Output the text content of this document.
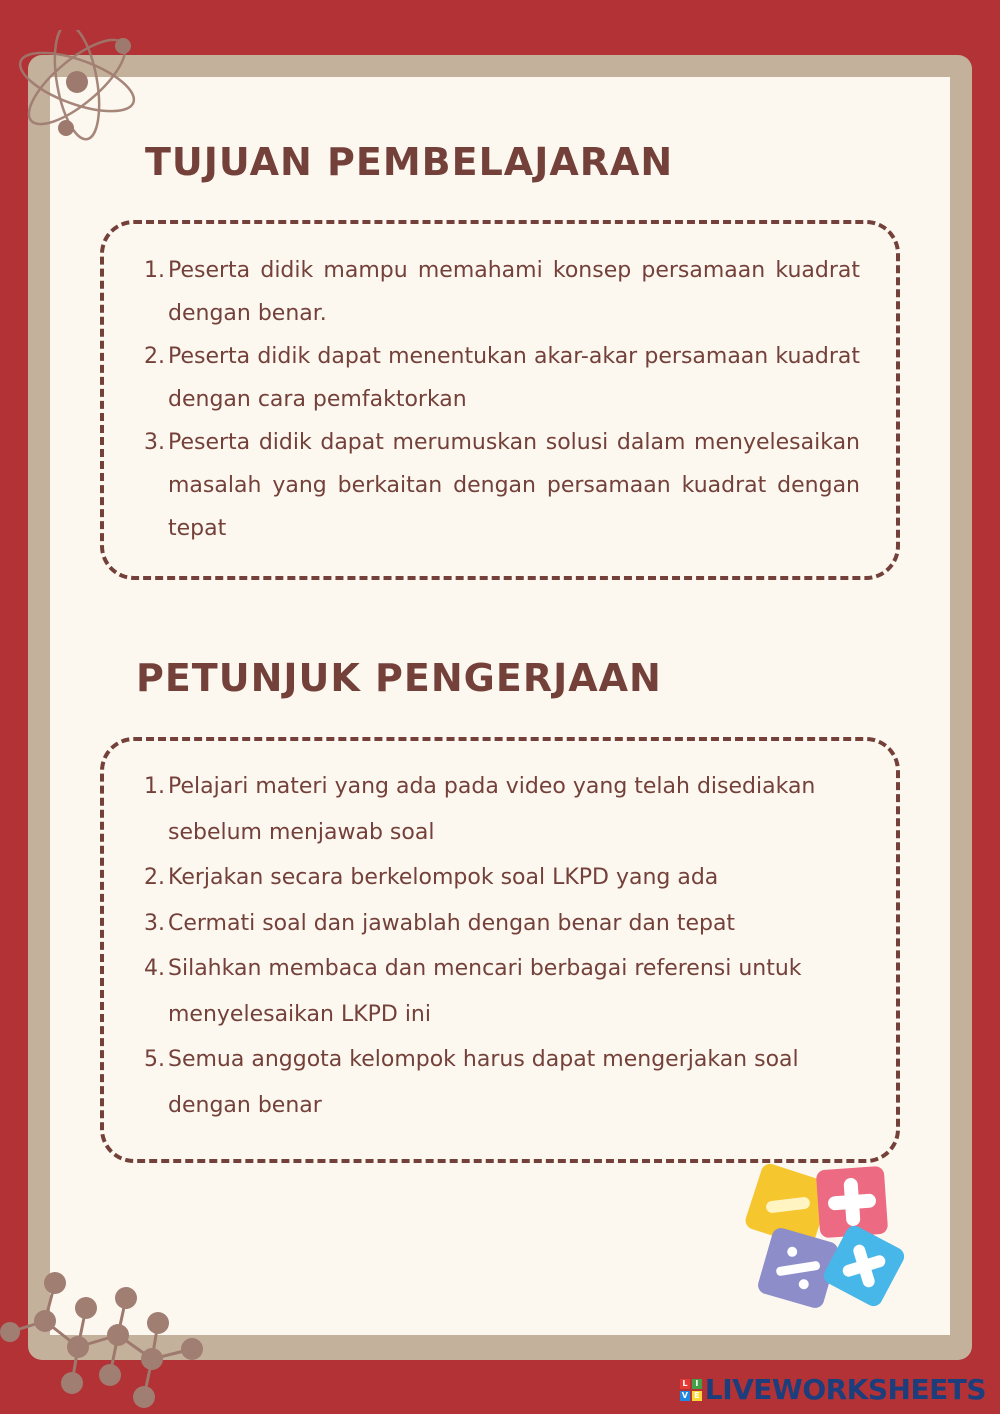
TUJUAN PEMBELAJARAN
1. Peserta didik mampu memahami konsep persamaan kuadrat dengan benar.
2. Peserta didik dapat menentukan akar-akar persamaan kuadrat dengan cara pemfaktorkan
3. Peserta didik dapat merumuskan solusi dalam menyelesaikan masalah yang berkaitan dengan persamaan kuadrat dengan tepat
PETUNJUK PENGERJAAN
1. Pelajari materi yang ada pada video yang telah disediakan sebelum menjawab soal
2. Kerjakan secara berkelompok soal LKPD yang ada
3. Cermati soal dan jawablah dengan benar dan tepat
4. Silahkan membaca dan mencari berbagai referensi untuk menyelesaikan LKPD ini
5. Semua anggota kelompok harus dapat mengerjakan soal dengan benar
L I
V E LIVEWORKSHEETS
